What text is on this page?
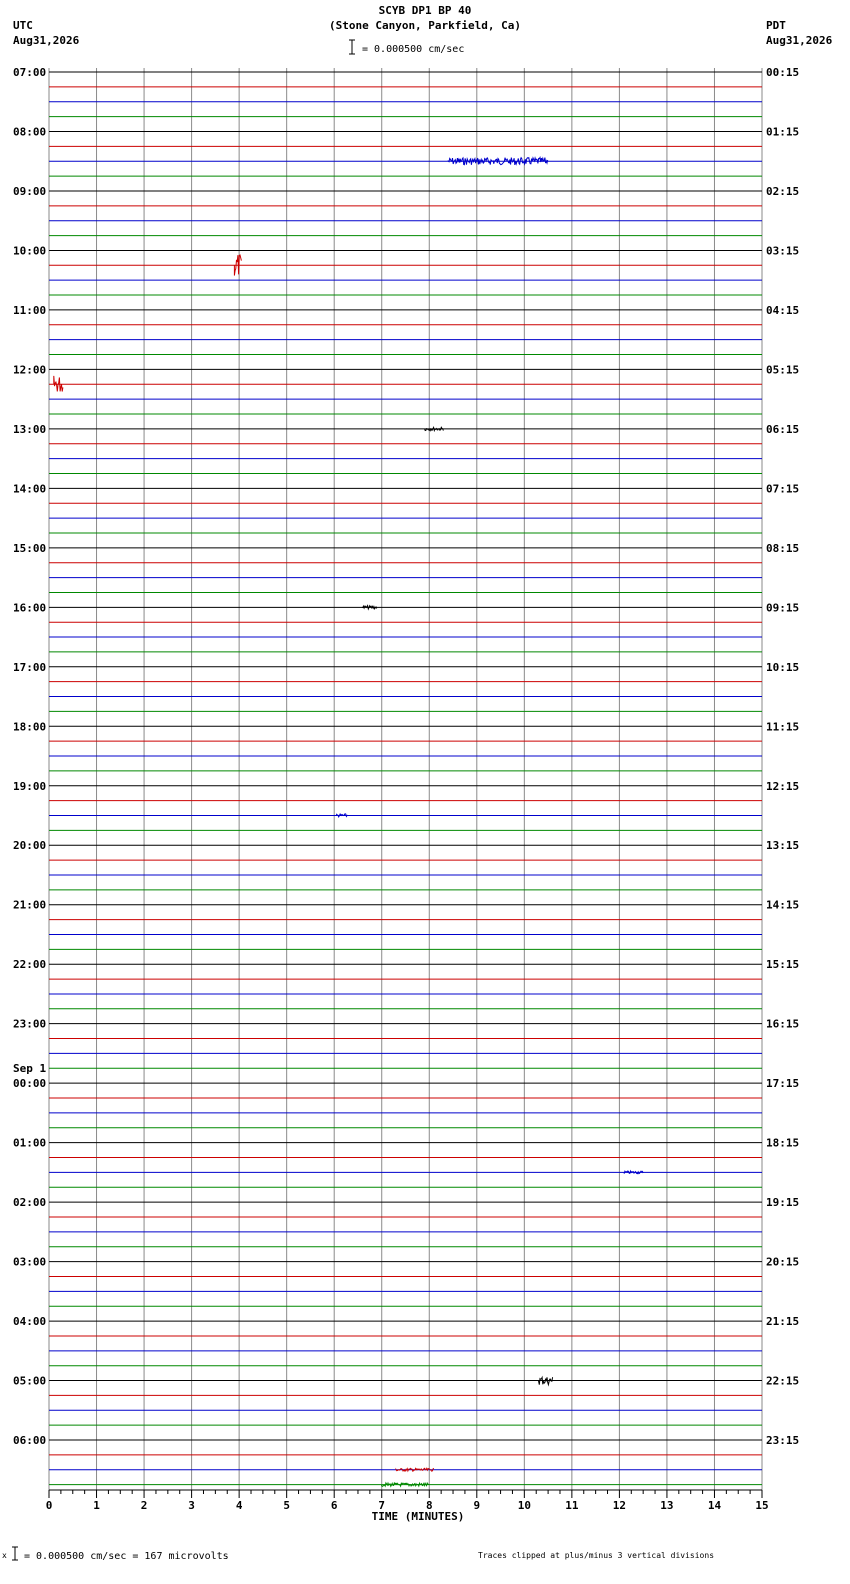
SCYB DP1 BP 40
(Stone Canyon, Parkfield, Ca)
UTC
Aug31,2026
PDT
Aug31,2026
= 0.000500 cm/sec
07:00
08:00
09:00
10:00
11:00
12:00
13:00
14:00
15:00
16:00
17:00
18:00
19:00
20:00
21:00
22:00
23:00
00:00
01:00
02:00
03:00
04:00
05:00
06:00
00:15
01:15
02:15
03:15
04:15
05:15
06:15
07:15
08:15
09:15
10:15
11:15
12:15
13:15
14:15
15:15
16:15
17:15
18:15
19:15
20:15
21:15
22:15
23:15
0	1	2	3	4	5	6	7	8	9	10	11	12	13	14	15
Sep 1
TIME (MINUTES)
x = 0.000500 cm/sec = 167 microvolts	Traces clipped at plus/minus 3 vertical divisions
